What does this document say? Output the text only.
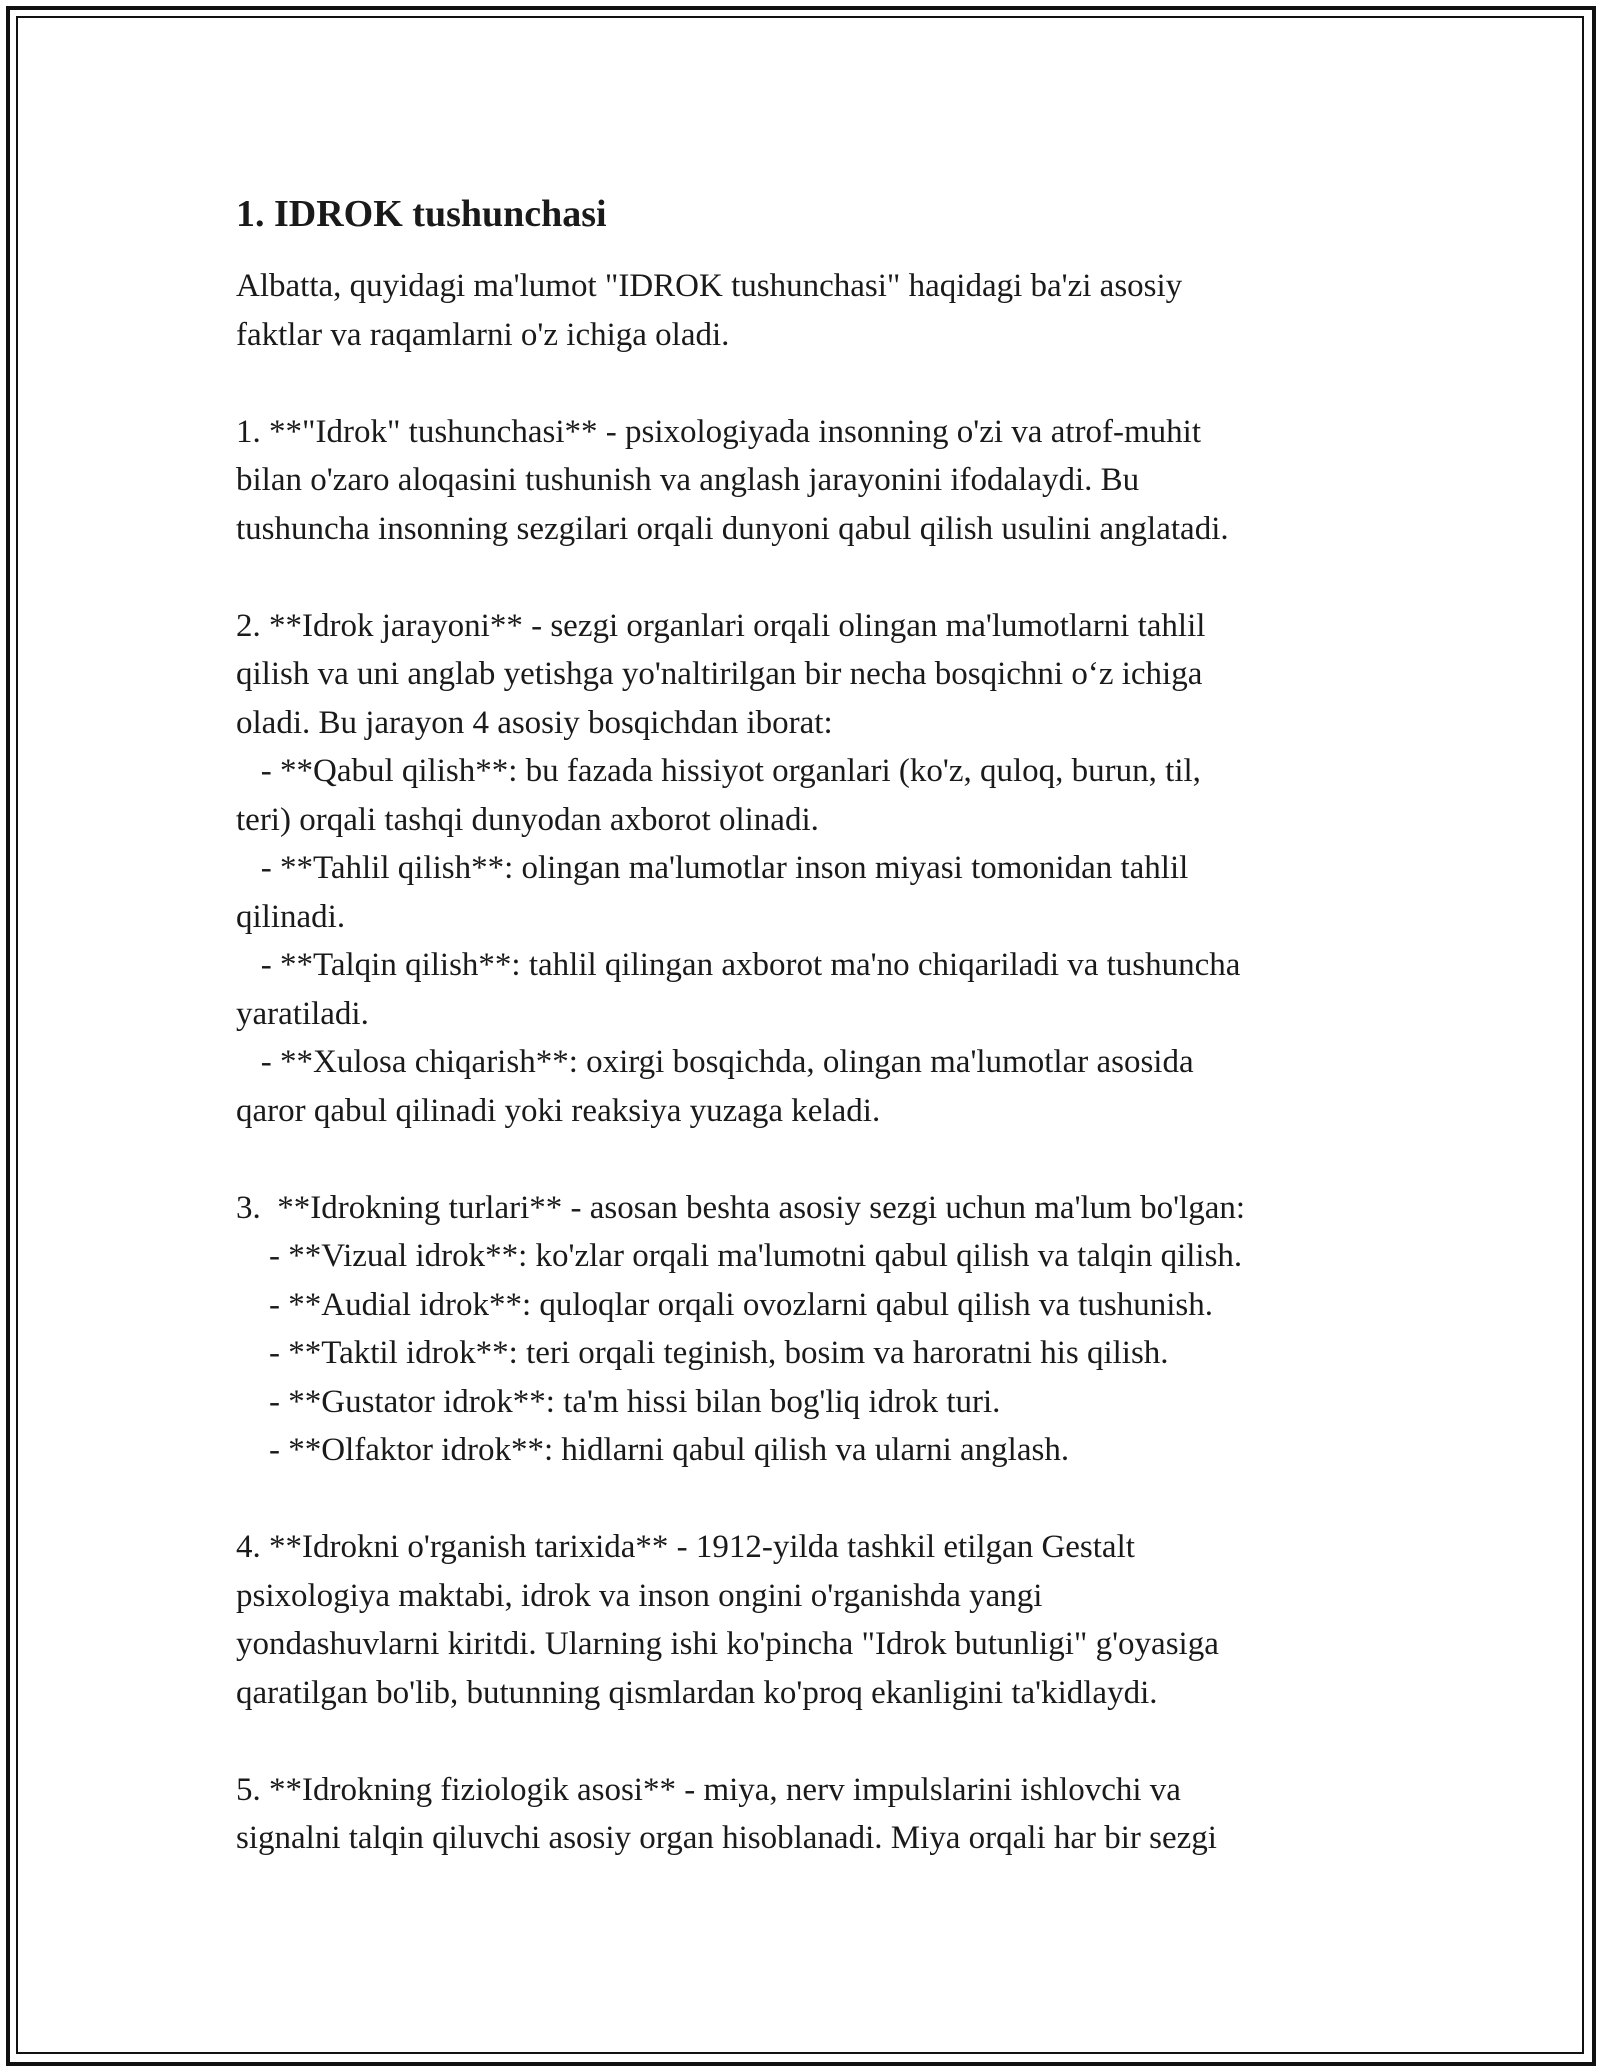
1. IDROK tushunchasi
Albatta, quyidagi ma'lumot "IDROK tushunchasi" haqidagi ba'zi asosiy
faktlar va raqamlarni o'z ichiga oladi.
1. **"Idrok" tushunchasi** - psixologiyada insonning o'zi va atrof-muhit
bilan o'zaro aloqasini tushunish va anglash jarayonini ifodalaydi. Bu
tushuncha insonning sezgilari orqali dunyoni qabul qilish usulini anglatadi.
2. **Idrok jarayoni** - sezgi organlari orqali olingan ma'lumotlarni tahlil
qilish va uni anglab yetishga yo'naltirilgan bir necha bosqichni o‘z ichiga
oladi. Bu jarayon 4 asosiy bosqichdan iborat:
- **Qabul qilish**: bu fazada hissiyot organlari (ko'z, quloq, burun, til,
teri) orqali tashqi dunyodan axborot olinadi.
- **Tahlil qilish**: olingan ma'lumotlar inson miyasi tomonidan tahlil
qilinadi.
- **Talqin qilish**: tahlil qilingan axborot ma'no chiqariladi va tushuncha
yaratiladi.
- **Xulosa chiqarish**: oxirgi bosqichda, olingan ma'lumotlar asosida
qaror qabul qilinadi yoki reaksiya yuzaga keladi.
3.  **Idrokning turlari** - asosan beshta asosiy sezgi uchun ma'lum bo'lgan:
- **Vizual idrok**: ko'zlar orqali ma'lumotni qabul qilish va talqin qilish.
- **Audial idrok**: quloqlar orqali ovozlarni qabul qilish va tushunish.
- **Taktil idrok**: teri orqali teginish, bosim va haroratni his qilish.
- **Gustator idrok**: ta'm hissi bilan bog'liq idrok turi.
- **Olfaktor idrok**: hidlarni qabul qilish va ularni anglash.
4. **Idrokni o'rganish tarixida** - 1912-yilda tashkil etilgan Gestalt
psixologiya maktabi, idrok va inson ongini o'rganishda yangi
yondashuvlarni kiritdi. Ularning ishi ko'pincha "Idrok butunligi" g'oyasiga
qaratilgan bo'lib, butunning qismlardan ko'proq ekanligini ta'kidlaydi.
5. **Idrokning fiziologik asosi** - miya, nerv impulslarini ishlovchi va
signalni talqin qiluvchi asosiy organ hisoblanadi. Miya orqali har bir sezgi
